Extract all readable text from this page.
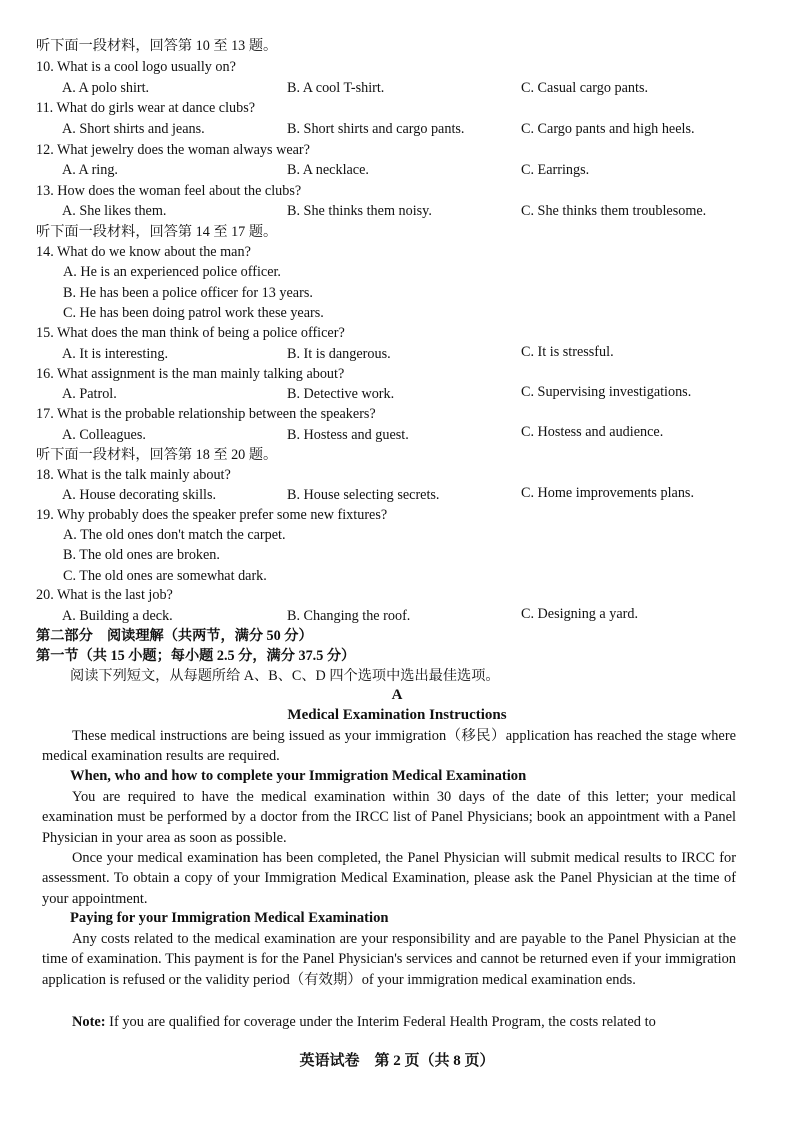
听下面一段材料，回答第 10 至 13 题。
10. What is a cool logo usually on?
A. A polo shirt.	B. A cool T-shirt.	C. Casual cargo pants.
11. What do girls wear at dance clubs?
A. Short shirts and jeans.	B. Short shirts and cargo pants.	C. Cargo pants and high heels.
12. What jewelry does the woman always wear?
A. A ring.	B. A necklace.	C. Earrings.
13. How does the woman feel about the clubs?
A. She likes them.	B. She thinks them noisy.	C. She thinks them troublesome.
听下面一段材料，回答第 14 至 17 题。
14. What do we know about the man?
A. He is an experienced police officer.
B. He has been a police officer for 13 years.
C. He has been doing patrol work these years.
15. What does the man think of being a police officer?
A. It is interesting.	B. It is dangerous.	C. It is stressful.
16. What assignment is the man mainly talking about?
A. Patrol.	B. Detective work.	C. Supervising investigations.
17. What is the probable relationship between the speakers?
A. Colleagues.	B. Hostess and guest.	C. Hostess and audience.
听下面一段材料，回答第 18 至 20 题。
18. What is the talk mainly about?
A. House decorating skills.	B. House selecting secrets.	C. Home improvements plans.
19. Why probably does the speaker prefer some new fixtures?
A. The old ones don't match the carpet.
B. The old ones are broken.
C. The old ones are somewhat dark.
20. What is the last job?
A. Building a deck.	B. Changing the roof.	C. Designing a yard.
第二部分　阅读理解（共两节，满分 50 分）
第一节（共 15 小题；每小题 2.5 分，满分 37.5 分）
阅读下列短文，从每题所给 A、B、C、D 四个选项中选出最佳选项。
A
Medical Examination Instructions
These medical instructions are being issued as your immigration（移民）application has reached the stage where medical examination results are required.
When, who and how to complete your Immigration Medical Examination
You are required to have the medical examination within 30 days of the date of this letter; your medical examination must be performed by a doctor from the IRCC list of Panel Physicians; book an appointment with a Panel Physician in your area as soon as possible.
Once your medical examination has been completed, the Panel Physician will submit medical results to IRCC for assessment. To obtain a copy of your Immigration Medical Examination, please ask the Panel Physician at the time of your appointment.
Paying for your Immigration Medical Examination
Any costs related to the medical examination are your responsibility and are payable to the Panel Physician at the time of examination. This payment is for the Panel Physician's services and cannot be returned even if your immigration application is refused or the validity period（有效期）of your immigration medical examination ends.
Note: If you are qualified for coverage under the Interim Federal Health Program, the costs related to
英语试卷　第 2 页（共 8 页）
